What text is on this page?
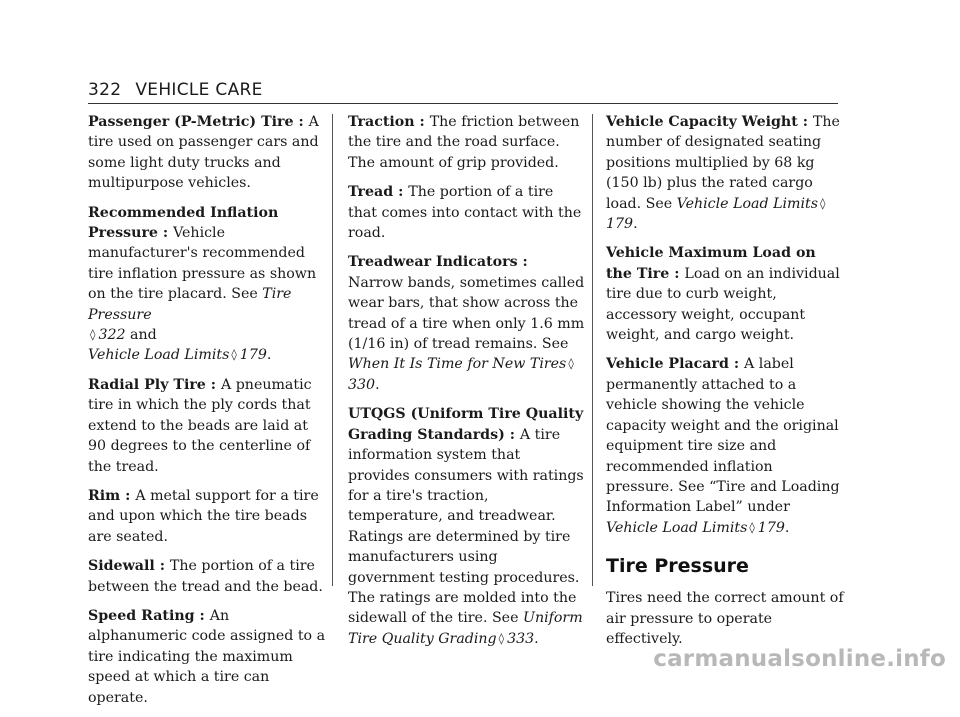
322 VEHICLE CARE

Passenger (P-Metric) Tire : A tire used on passenger cars and some light duty trucks and multipurpose vehicles.

Recommended Inflation Pressure : Vehicle manufacturer's recommended tire inflation pressure as shown on the tire placard. See Tire Pressure
◊ 322 and
Vehicle Load Limits ◊ 179.

Radial Ply Tire : A pneumatic tire in which the ply cords that extend to the beads are laid at 90 degrees to the centerline of the tread.

Rim : A metal support for a tire and upon which the tire beads are seated.

Sidewall : The portion of a tire between the tread and the bead.

Speed Rating : An alphanumeric code assigned to a tire indicating the maximum speed at which a tire can operate.

Traction : The friction between the tire and the road surface. The amount of grip provided.

Tread : The portion of a tire that comes into contact with the road.

Treadwear Indicators : Narrow bands, sometimes called wear bars, that show across the tread of a tire when only 1.6 mm (1/16 in) of tread remains. See When It Is Time for New Tires ◊330.

UTQGS (Uniform Tire Quality Grading Standards) : A tire information system that provides consumers with ratings for a tire's traction, temperature, and treadwear. Ratings are determined by tire manufacturers using government testing procedures. The ratings are molded into the sidewall of the tire. See Uniform Tire Quality Grading ◊ 333.

Vehicle Capacity Weight : The number of designated seating positions multiplied by 68 kg (150 lb) plus the rated cargo load. See Vehicle Load Limits ◊179.

Vehicle Maximum Load on the Tire : Load on an individual tire due to curb weight, accessory weight, occupant weight, and cargo weight.

Vehicle Placard : A label permanently attached to a vehicle showing the vehicle capacity weight and the original equipment tire size and recommended inflation pressure. See “Tire and Loading Information Label” under
Vehicle Load Limits ◊ 179.

Tire Pressure

Tires need the correct amount of air pressure to operate effectively.

carmanualsonline.info
